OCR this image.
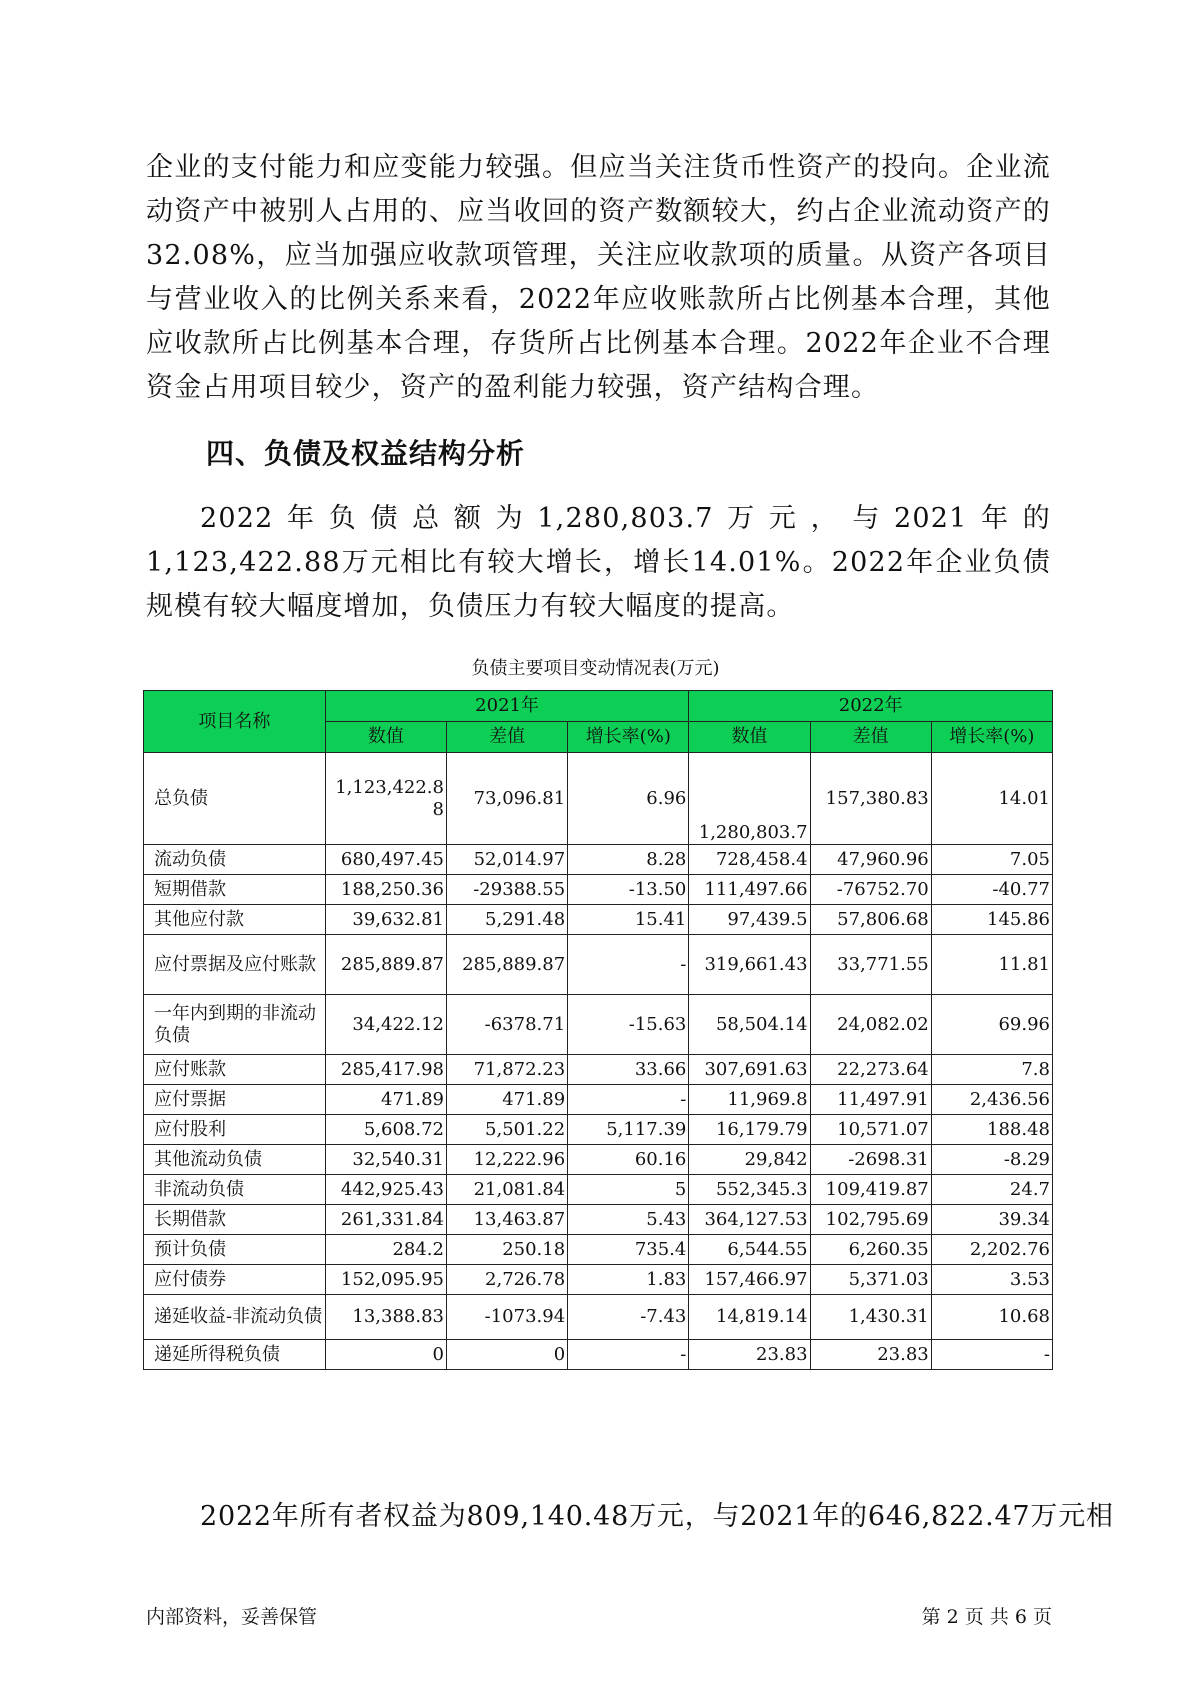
企业的支付能力和应变能力较强。但应当关注货币性资产的投向。企业流动资产中被别人占用的、应当收回的资产数额较大，约占企业流动资产的32.08%，应当加强应收款项管理，关注应收款项的质量。从资产各项目与营业收入的比例关系来看，2022年应收账款所占比例基本合理，其他应收款所占比例基本合理，存货所占比例基本合理。2022年企业不合理资金占用项目较少，资产的盈利能力较强，资产结构合理。

四、负债及权益结构分析

2022年负债总额为1,280,803.7万元，与2021年的1,123,422.88万元相比有较大增长，增长14.01%。2022年企业负债规模有较大幅度增加，负债压力有较大幅度的提高。

负债主要项目变动情况表(万元)
项目名称	2021年			2022年		
	数值	差值	增长率(%)	数值	差值	增长率(%)
总负债	1,123,422.88	73,096.81	6.96	1,280,803.7	157,380.83	14.01
流动负债	680,497.45	52,014.97	8.28	728,458.4	47,960.96	7.05
短期借款	188,250.36	-29388.55	-13.50	111,497.66	-76752.70	-40.77
其他应付款	39,632.81	5,291.48	15.41	97,439.5	57,806.68	145.86
应付票据及应付账款	285,889.87	285,889.87	-	319,661.43	33,771.55	11.81
一年内到期的非流动负债	34,422.12	-6378.71	-15.63	58,504.14	24,082.02	69.96
应付账款	285,417.98	71,872.23	33.66	307,691.63	22,273.64	7.8
应付票据	471.89	471.89	-	11,969.8	11,497.91	2,436.56
应付股利	5,608.72	5,501.22	5,117.39	16,179.79	10,571.07	188.48
其他流动负债	32,540.31	12,222.96	60.16	29,842	-2698.31	-8.29
非流动负债	442,925.43	21,081.84	5	552,345.3	109,419.87	24.7
长期借款	261,331.84	13,463.87	5.43	364,127.53	102,795.69	39.34
预计负债	284.2	250.18	735.4	6,544.55	6,260.35	2,202.76
应付债券	152,095.95	2,726.78	1.83	157,466.97	5,371.03	3.53
递延收益-非流动负债	13,388.83	-1073.94	-7.43	14,819.14	1,430.31	10.68
递延所得税负债	0	0	-	23.83	23.83	-

2022年所有者权益为809,140.48万元，与2021年的646,822.47万元相

内部资料，妥善保管	第 2 页 共 6 页
